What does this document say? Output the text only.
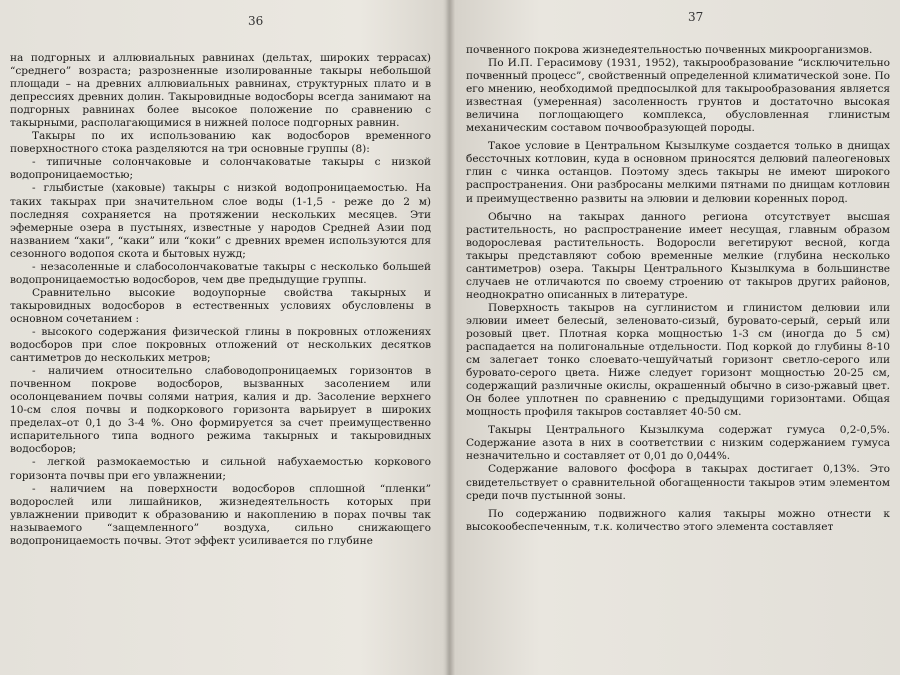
36

на подгорных и аллювиальных равнинах (дельтах, широких террасах) “среднего” возраста; разрозненные изолированные такыры небольшой площади – на древних аллювиальных равнинах, структурных плато и в депрессиях древних долин. Такыровидные водосборы всегда занимают на подгорных равнинах более высокое положение по сравнению с такырными, располагающимися в нижней полосе подгорных равнин.

Такыры по их использованию как водосборов временного поверхностного стока разделяются на три основные группы (8):

- типичные солончаковые и солончаковатые такыры с низкой водопроницаемостью;

- глыбистые (хаковые) такыры с низкой водопроницаемостью. На таких такырах при значительном слое воды (1-1,5 - реже до 2 м) последняя сохраняется на протяжении нескольких месяцев. Эти эфемерные озера в пустынях, известные у народов Средней Азии под названием “хаки”, “каки” или “коки” с древних времен используются для сезонного водопоя скота и бытовых нужд;

- незасоленные и слабосолончаковатые такыры с несколько большей водопроницаемостью водосборов, чем две предыдущие группы.

Сравнительно высокие водоупорные свойства такырных и такыровидных водосборов в естественных условиях обусловлены в основном сочетанием :

- высокого содержания физической глины в покровных отложениях водосборов при слое покровных отложений от нескольких десятков сантиметров до нескольких метров;

- наличием относительно слабоводопроницаемых горизонтов в почвенном покрове водосборов, вызванных засолением или осолонцеванием почвы солями натрия, калия и др. Засоление верхнего 10-см слоя почвы и подкоркового горизонта варьирует в широких пределах–от 0,1 до 3-4 %. Оно формируется за счет преимущественно испарительного типа водного режима такырных и такыровидных водосборов;

- легкой размокаемостью и сильной набухаемостью коркового горизонта почвы при его увлажнении;

- наличием на поверхности водосборов сплошной “пленки” водорослей или лишайников, жизнедеятельность которых при увлажнении приводит к образованию и накоплению в порах почвы так называемого “защемленного” воздуха, сильно снижающего водопроницаемость почвы. Этот эффект усиливается по глубине

37

почвенного покрова жизнедеятельностью почвенных микроорганизмов.

По И.П. Герасимову (1931, 1952), такырообразование “исключительно почвенный процесс”, свойственный определенной климатической зоне. По его мнению, необходимой предпосылкой для такырообразования является известная (умеренная) засоленность грунтов и достаточно высокая величина поглощающего комплекса, обусловленная глинистым механическим составом почвообразующей породы.

Такое условие в Центральном Кызылкуме создается только в днищах бессточных котловин, куда в основном приносятся делювий палеогеновых глин с чинка останцов. Поэтому здесь такыры не имеют широкого распространения. Они разбросаны мелкими пятнами по днищам котловин и преимущественно развиты на элювии и делювии коренных пород.

Обычно на такырах данного региона отсутствует высшая растительность, но распространение имеет несущая, главным образом водорослевая растительность. Водоросли вегетируют весной, когда такыры представляют собою временные мелкие (глубина несколько сантиметров) озера. Такыры Центрального Кызылкума в большинстве случаев не отличаются по своему строению от такыров других районов, неоднократно описанных в литературе.

Поверхность такыров на суглинистом и глинистом делювии или элювии имеет белесый, зеленовато-сизый, буровато-серый, серый или розовый цвет. Плотная корка мощностью 1-3 см (иногда до 5 см) распадается на полигональные отдельности. Под коркой до глубины 8-10 см залегает тонко слоевато-чешуйчатый горизонт светло-серого или буровато-серого цвета. Ниже следует горизонт мощностью 20-25 см, содержащий различные окислы, окрашенный обычно в сизо-ржавый цвет. Он более уплотнен по сравнению с предыдущими горизонтами. Общая мощность профиля такыров составляет 40-50 см.

Такыры Центрального Кызылкума содержат гумуса 0,2-0,5%. Содержание азота в них в соответствии с низким содержанием гумуса незначительно и составляет от 0,01 до 0,044%.

Содержание валового фосфора в такырах достигает 0,13%. Это свидетельствует о сравнительной обогащенности такыров этим элементом среди почв пустынной зоны.

По содержанию подвижного калия такыры можно отнести к высокообеспеченным, т.к. количество этого элемента составляет
